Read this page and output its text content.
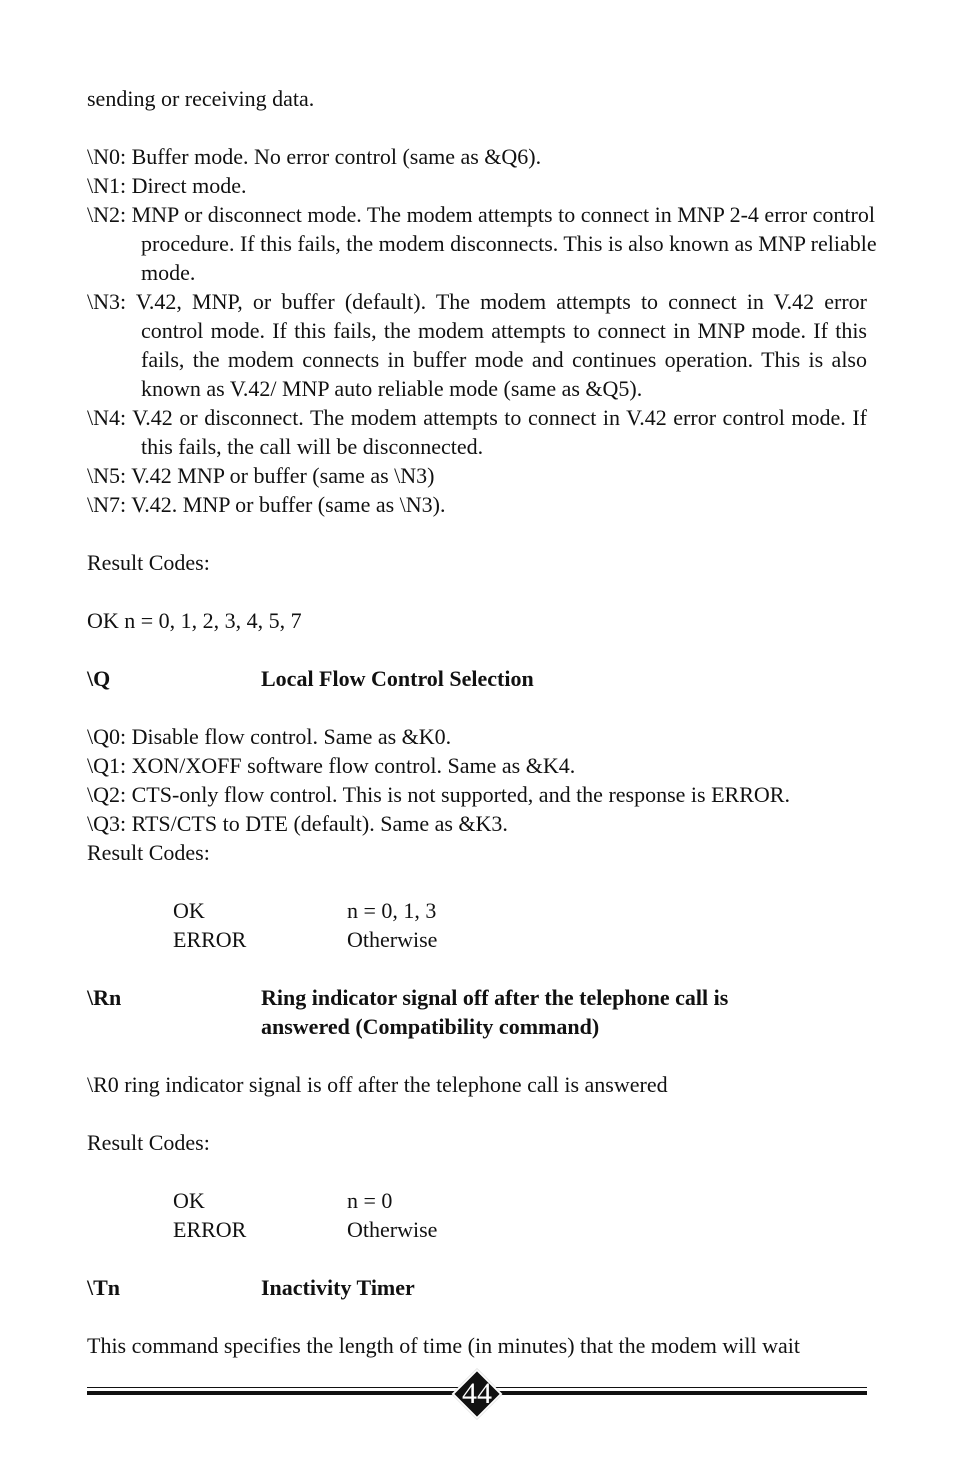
sending or receiving data.

\N0: Buffer mode. No error control (same as &Q6).

\N1: Direct mode.

\N2: MNP or disconnect mode. The modem attempts to connect in MNP 2-4 error control procedure. If this fails, the modem disconnects. This is also known as MNP reliable mode.

\N3: V.42, MNP, or buffer (default). The modem attempts to connect in V.42 error control mode. If this fails, the modem attempts to connect in MNP mode. If this fails, the modem connects in buffer mode and continues operation. This is also known as V.42/ MNP auto reliable mode (same as &Q5).

\N4: V.42 or disconnect. The modem attempts to connect in V.42 error control mode. If this fails, the call will be disconnected.

\N5: V.42 MNP or buffer (same as \N3)

\N7: V.42. MNP or buffer (same as \N3).

Result Codes:

OK n = 0, 1, 2, 3, 4, 5, 7

\Q	Local Flow Control Selection

\Q0: Disable flow control. Same as &K0.

\Q1: XON/XOFF software flow control. Same as &K4.

\Q2: CTS-only flow control. This is not supported, and the response is ERROR.

\Q3: RTS/CTS to DTE (default). Same as &K3.

Result Codes:

OK	n = 0, 1, 3
ERROR	Otherwise
\Rn	Ring indicator signal off after the telephone call is
answered (Compatibility command)

\R0 ring indicator signal is off after the telephone call is answered

Result Codes:

OK	n = 0
ERROR	Otherwise
\Tn	Inactivity Timer

This command specifies the length of time (in minutes) that the modem will wait

44
